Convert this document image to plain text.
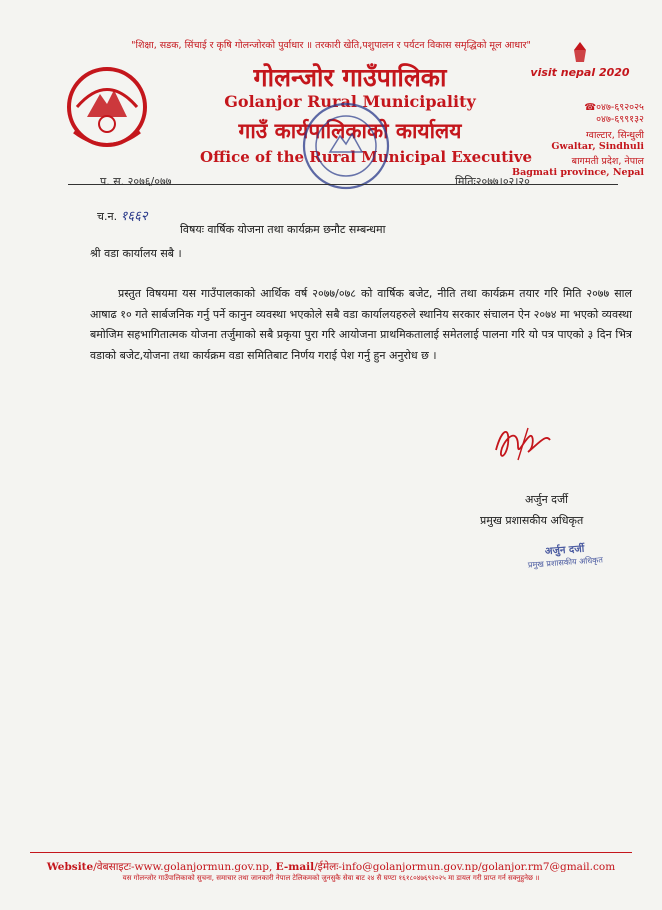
"शिक्षा, सडक, सिंचाई र कृषि गोलन्जोरको पुर्वाधार ॥ तरकारी खेति,पशुपालन र पर्यटन विकास समृद्धिको मूल आधार"
गोलन्जोर गाउँपालिका
Golanjor Rural Municipality
गाउँ कार्यपालिकाको कार्यालय
Office of the Rural Municipal Executive
visit nepal 2020
☎०४७-६९२०२५
०४७-६९९१३२
ग्वाल्टार, सिन्धुली
Gwaltar, Sindhuli
बागमती प्रदेश, नेपाल
Bagmati province, Nepal
प. स. २०७६/०७७	मितिः२०७७।०२।२०
च.न. १६६२
विषयः वार्षिक योजना तथा कार्यक्रम छनौट सम्बन्धमा
श्री वडा कार्यालय सबै ।
प्रस्तुत विषयमा यस गाउँपालकाको आर्थिक वर्ष २०७७/०७८ को वार्षिक बजेट, नीति तथा कार्यक्रम तयार गरि मिति २०७७ साल आषाढ १० गते सार्बजनिक गर्नु पर्ने कानुन व्यवस्था भएकोले सबै वडा कार्यालयहरुले स्थानिय सरकार संचालन ऐन २०७४ मा भएको व्यवस्था बमोजिम सहभागितात्मक योजना तर्जुमाको सबै प्रकृया पुरा गरि आयोजना प्राथमिकतालाई समेतलाई पालना गरि यो पत्र पाएको ३ दिन भित्र वडाको बजेट,योजना तथा कार्यक्रम वडा समितिबाट निर्णय गराई पेश गर्नु हुन अनुरोध छ ।
अर्जुन दर्जी
प्रमुख प्रशासकीय अधिकृत
अर्जुन दर्जी
प्रमुख प्रशासकीय अधिकृत
Website/वेबसाइटः-www.golanjormun.gov.np, E-mail/ईमेलः-info@golanjormun.gov.np/golanjor.rm7@gmail.com
यस गोलन्जोर गाउँपालिकाको सुचना, समाचार तथा जानकारी नेपाल टेलिकमको जुनसुकै सेवा बाट २४ सै घण्टा १६१८०४७६९२०२५ मा डायल गरी प्राप्त गर्न सक्नुहुनेछ ॥
